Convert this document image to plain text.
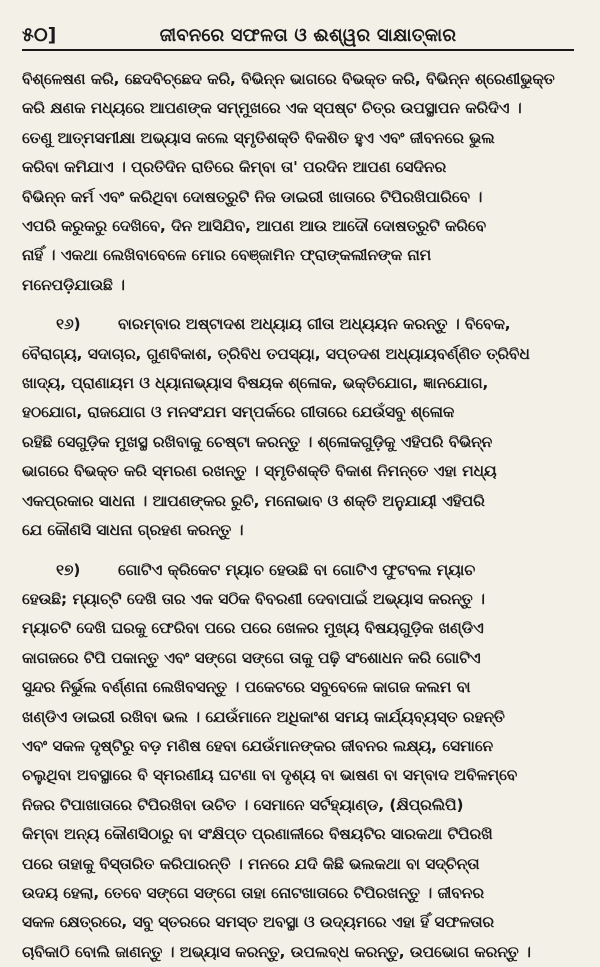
୫୦]	ଜୀବନରେ ସଫଳତା ଓ ଈଶ୍ୱର ସାକ୍ଷାତ୍କାର

ବିଶ୍ଳେଷଣ କରି, ଛେଦବିଚ୍ଛେଦ କରି, ବିଭିନ୍ନ ଭାଗରେ ବିଭକ୍ତ କରି, ବିଭିନ୍ନ ଶ୍ରେଣୀଭୁକ୍ତ
କରି କ୍ଷଣକ ମଧ୍ୟରେ ଆପଣଙ୍କ ସମ୍ମୁଖରେ ଏକ ସ୍ପଷ୍ଟ ଚିତ୍ର ଉପସ୍ଥାପନ କରିଦିଏ ।
ତେଣୁ ଆତ୍ମସମୀକ୍ଷା ଅଭ୍ୟାସ କଲେ ସ୍ମୃତିଶକ୍ତି ବିକଶିତ ହୁଏ ଏବଂ ଜୀବନରେ ଭୁଲ
କରିବା କମିଯାଏ । ପ୍ରତିଦିନ ରାତିରେ କିମ୍ବା ତା' ପରଦିନ ଆପଣ ସେଦିନର
ବିଭିନ୍ନ କର୍ମ ଏବଂ କରିଥିବା ଦୋଷତ୍ରୁଟି ନିଜ ଡାଇରୀ ଖାତାରେ ଟିପିରଖିପାରିବେ ।
ଏପରି କରୁକରୁ ଦେଖିବେ, ଦିନ ଆସିଯିବ, ଆପଣ ଆଉ ଆଦୌ ଦୋଷତ୍ରୁଟି କରିବେ
ନାହିଁ । ଏକଥା ଲେଖିବାବେଳେ ମୋର ବେଞ୍ଜାମିନ ଫ୍ରାଙ୍କଲୀନଙ୍କ ନାମ
ମନେପଡ଼ିଯାଉଛି ।

୧୬) ବାରମ୍ବାର ଅଷ୍ଟାଦଶ ଅଧ୍ୟାୟ ଗୀତା ଅଧ୍ୟୟନ କରନ୍ତୁ । ବିବେକ,
ବୈରାଗ୍ୟ, ସଦାଚାର, ଗୁଣବିକାଶ, ତ୍ରିବିଧ ତପସ୍ୟା, ସପ୍ତଦଶ ଅଧ୍ୟାୟବର୍ଣ୍ଣିତ ତ୍ରିବିଧ
ଖାଦ୍ୟ, ପ୍ରାଣାୟମ ଓ ଧ୍ୟାନାଭ୍ୟାସ ବିଷୟକ ଶ୍ଳୋକ, ଭକ୍ତିଯୋଗ, ଜ୍ଞାନଯୋଗ,
ହଠଯୋଗ, ରାଜଯୋଗ ଓ ମନସଂଯମ ସମ୍ପର୍କରେ ଗୀତାରେ ଯେଉଁସବୁ ଶ୍ଳୋକ
ରହିଛି ସେଗୁଡ଼ିକ ମୁଖସ୍ଥ ରଖିବାକୁ ଚେଷ୍ଟା କରନ୍ତୁ । ଶ୍ଳୋକଗୁଡ଼ିକୁ ଏହିପରି ବିଭିନ୍ନ
ଭାଗରେ ବିଭକ୍ତ କରି ସ୍ମରଣ ରଖନ୍ତୁ । ସ୍ମୃତିଶକ୍ତି ବିକାଶ ନିମନ୍ତେ ଏହା ମଧ୍ୟ
ଏକପ୍ରକାର ସାଧନା । ଆପଣଙ୍କର ରୁଚି, ମନୋଭାବ ଓ ଶକ୍ତି ଅନୁଯାୟୀ ଏହିପରି
ଯେ କୌଣସି ସାଧନା ଗ୍ରହଣ କରନ୍ତୁ ।

୧୭) ଗୋଟିଏ କ୍ରିକେଟ ମ୍ୟାଚ ହେଉଛି ବା ଗୋଟିଏ ଫୁଟବଲ ମ୍ୟାଚ
ହେଉଛି; ମ୍ୟାଚ୍‌ଟି ଦେଖି ତାର ଏକ ସଠିକ ବିବରଣୀ ଦେବାପାଇଁ ଅଭ୍ୟାସ କରନ୍ତୁ ।
ମ୍ୟାଚଟି ଦେଖି ଘରକୁ ଫେରିବା ପରେ ପରେ ଖେଳର ମୁଖ୍ୟ ବିଷୟଗୁଡ଼ିକ ଖଣ୍ଡିଏ
କାଗଜରେ ଟିପି ପକାନ୍ତୁ ଏବଂ ସଙ୍ଗେ ସଙ୍ଗେ ତାକୁ ପଢ଼ି ସଂଶୋଧନ କରି ଗୋଟିଏ
ସୁନ୍ଦର ନିର୍ଭୁଲ ବର୍ଣ୍ଣନା ଲେଖିବସନ୍ତୁ । ପକେଟରେ ସବୁବେଳେ କାଗଜ କଲମ ବା
ଖଣ୍ଡିଏ ଡାଇରୀ ରଖିବା ଭଲ । ଯେଉଁମାନେ ଅଧିକାଂଶ ସମୟ କାର୍ଯ୍ୟବ୍ୟସ୍ତ ରହନ୍ତି
ଏବଂ ସକଳ ଦୃଷ୍ଟିରୁ ବଡ଼ ମଣିଷ ହେବା ଯେଉଁମାନଙ୍କର ଜୀବନର ଲକ୍ଷ୍ୟ, ସେମାନେ
ଚଲୁଥିବା ଅବସ୍ଥାରେ ବି ସ୍ମରଣୀୟ ଘଟଣା ବା ଦୃଶ୍ୟ ବା ଭାଷଣ ବା ସମ୍ବାଦ ଅବିଳମ୍ବେ
ନିଜର ଟିପାଖାତାରେ ଟିପିରଖିବା ଉଚିତ । ସେମାନେ ସର୍ଟହ୍ୟାଣ୍ଡ, (କ୍ଷିପ୍ରଲିପି)
କିମ୍ବା ଅନ୍ୟ କୌଣସିଠାରୁ ବା ସଂକ୍ଷିପ୍ତ ପ୍ରଣାଳୀରେ ବିଷୟଟିର ସାରକଥା ଟିପିରଖି
ପରେ ତାହାକୁ ବିସ୍ତାରିତ କରିପାରନ୍ତି । ମନରେ ଯଦି କିଛି ଭଲକଥା ବା ସଦ୍‌ଚିନ୍ତା
ଉଦୟ ହେଲା, ତେବେ ସଙ୍ଗେ ସଙ୍ଗେ ତାହା ନୋଟଖାତାରେ ଟିପିରଖନ୍ତୁ । ଜୀବନର
ସକଳ କ୍ଷେତ୍ରରେ, ସବୁ ସ୍ତରରେ ସମସ୍ତ ଅବସ୍ଥା ଓ ଉଦ୍ୟମରେ ଏହା ହିଁ ସଫଳତାର
ଚାବିକାଠି ବୋଲି ଜାଣନ୍ତୁ । ଅଭ୍ୟାସ କରନ୍ତୁ, ଉପଲବ୍ଧ କରନ୍ତୁ, ଉପଭୋଗ କରନ୍ତୁ ।
